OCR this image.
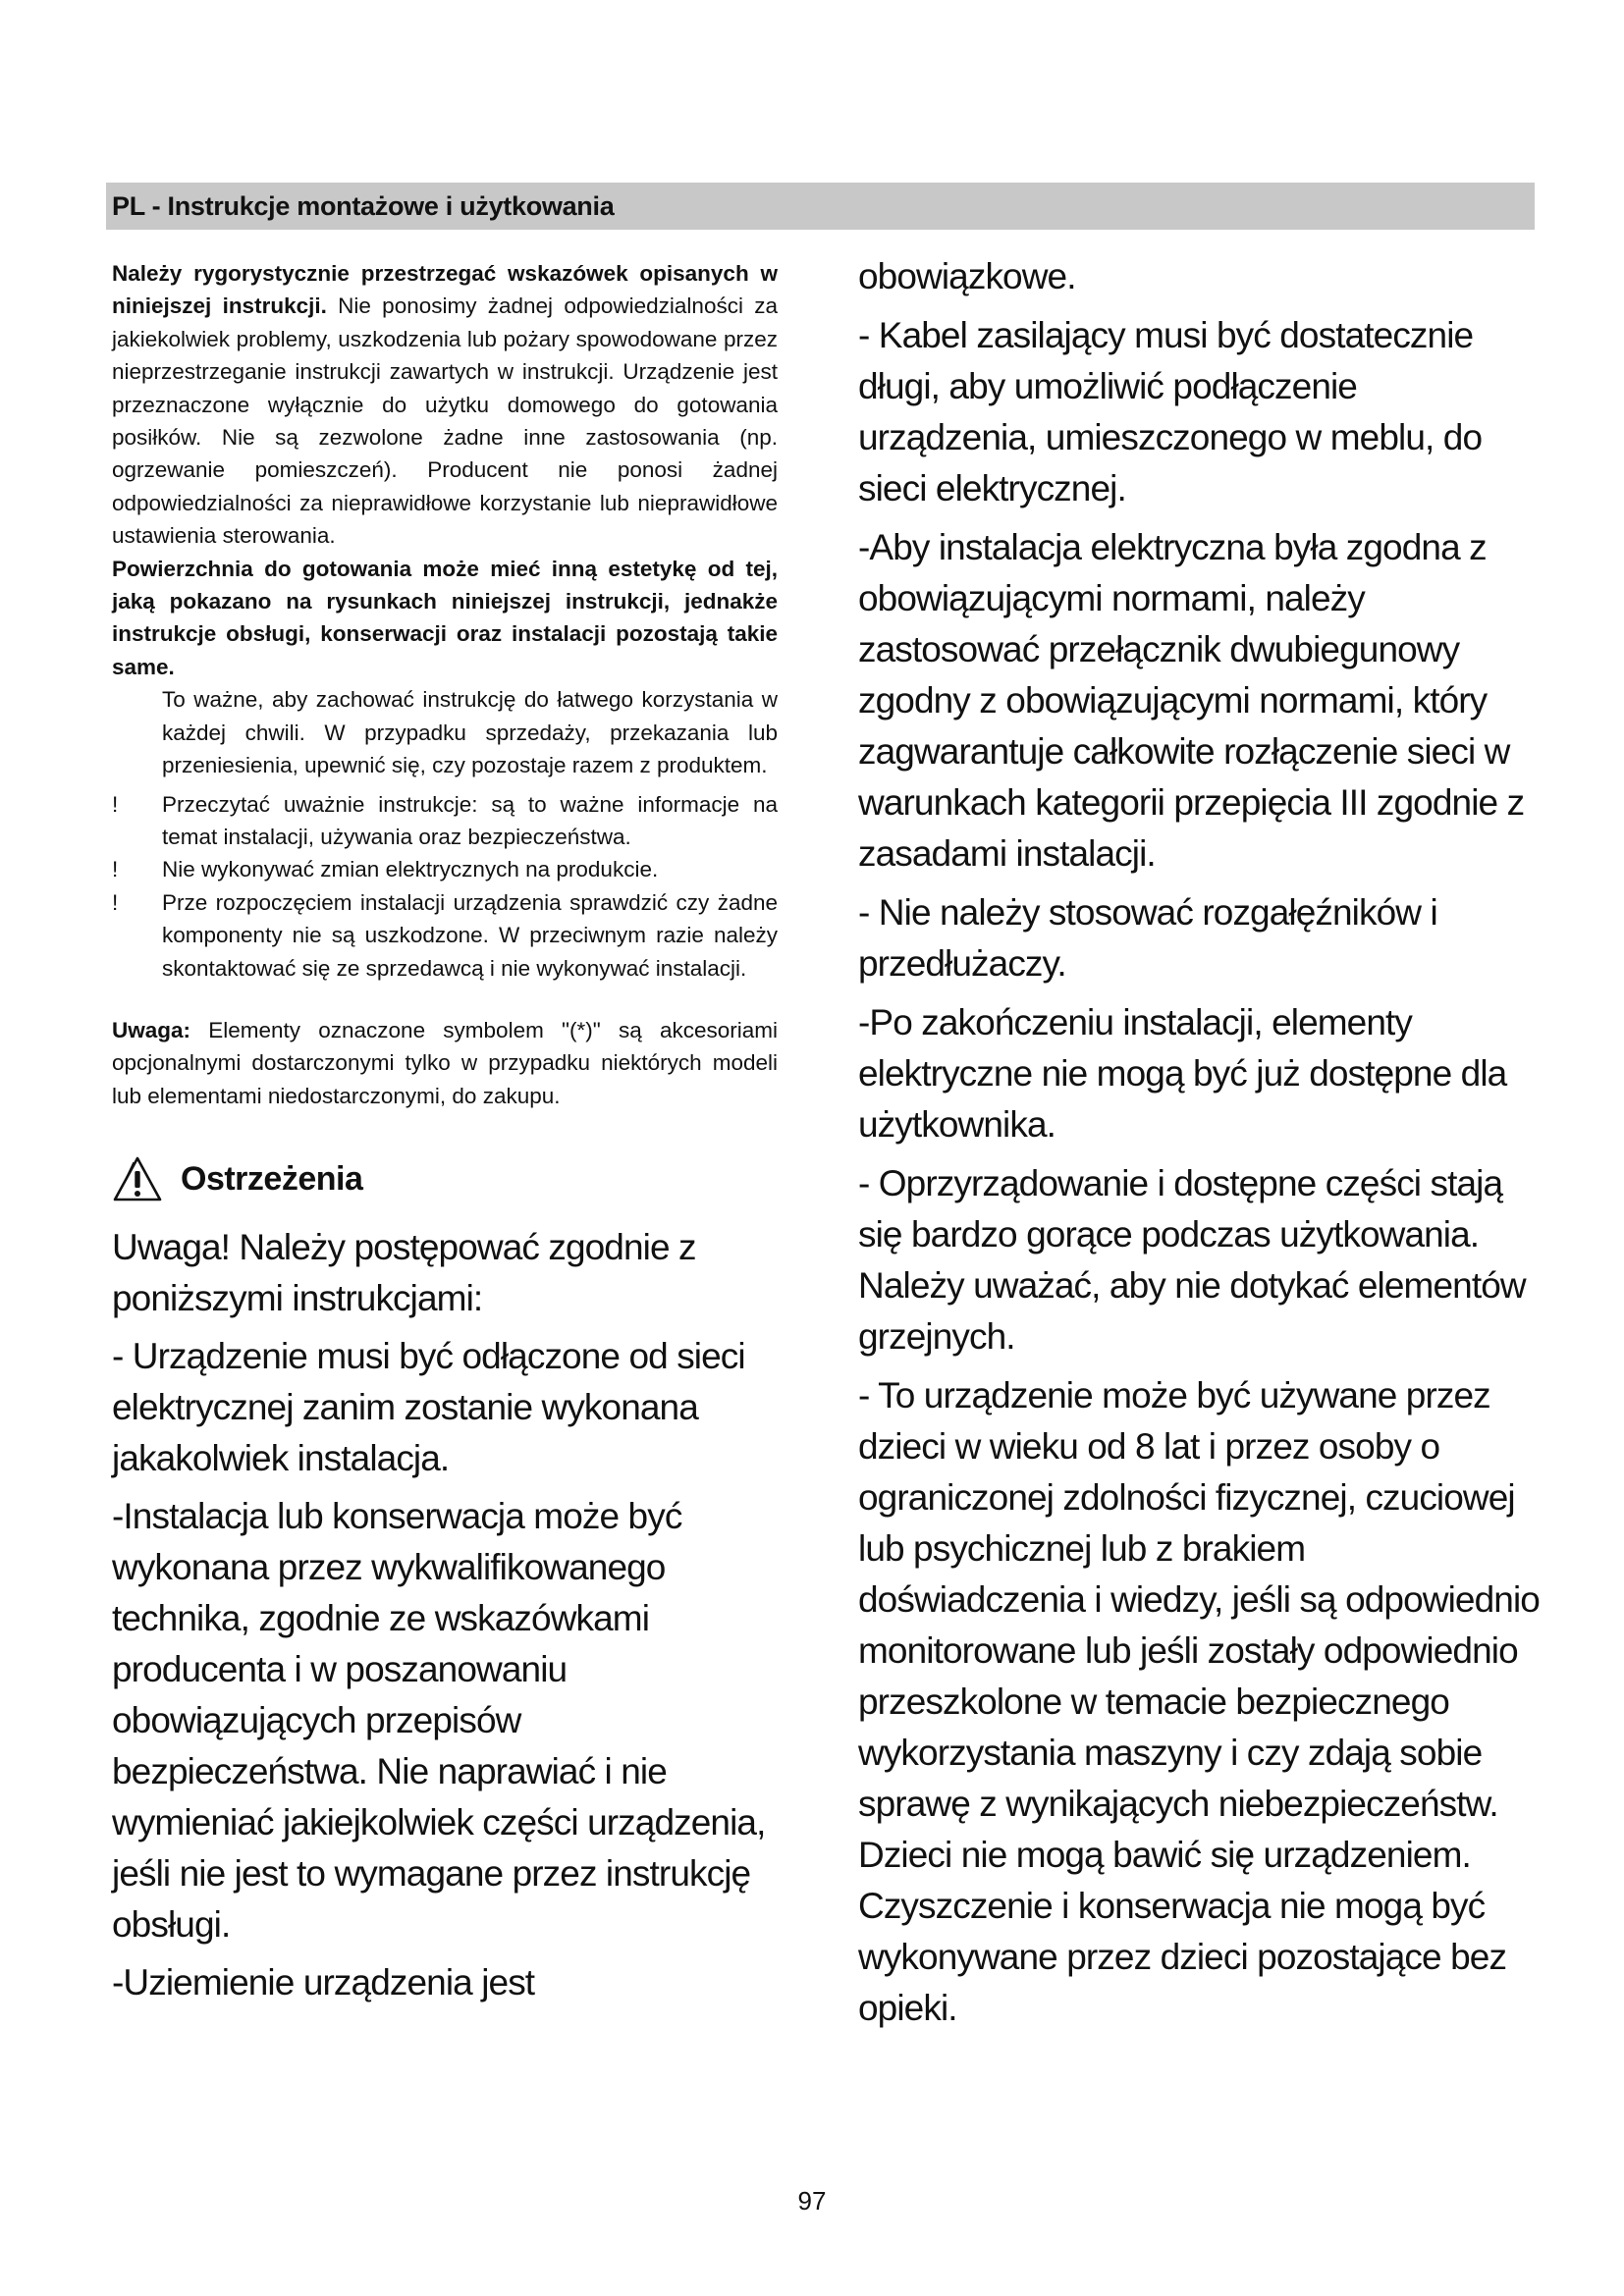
PL - Instrukcje montażowe i użytkowania
Należy rygorystycznie przestrzegać wskazówek opisanych w niniejszej instrukcji. Nie ponosimy żadnej odpowiedzialności za jakiekolwiek problemy, uszkodzenia lub pożary spowodowane przez nieprzestrzeganie instrukcji zawartych w instrukcji. Urządzenie jest przeznaczone wyłącznie do użytku domowego do gotowania posiłków. Nie są zezwolone żadne inne zastosowania (np. ogrzewanie pomieszczeń). Producent nie ponosi żadnej odpowiedzialności za nieprawidłowe korzystanie lub nieprawidłowe ustawienia sterowania.
Powierzchnia do gotowania może mieć inną estetykę od tej, jaką pokazano na rysunkach niniejszej instrukcji, jednakże instrukcje obsługi, konserwacji oraz instalacji pozostają takie same.
To ważne, aby zachować instrukcję do łatwego korzystania w każdej chwili. W przypadku sprzedaży, przekazania lub przeniesienia, upewnić się, czy pozostaje razem z produktem.
! Przeczytać uważnie instrukcje: są to ważne informacje na temat instalacji, używania oraz bezpieczeństwa.
! Nie wykonywać zmian elektrycznych na produkcie.
! Prze rozpoczęciem instalacji urządzenia sprawdzić czy żadne komponenty nie są uszkodzone. W przeciwnym razie należy skontaktować się ze sprzedawcą i nie wykonywać instalacji.
Uwaga: Elementy oznaczone symbolem "(*)" są akcesoriami opcjonalnymi dostarczonymi tylko w przypadku niektórych modeli lub elementami niedostarczonymi, do zakupu.
Ostrzeżenia

Uwaga! Należy postępować zgodnie z poniższymi instrukcjami:

- Urządzenie musi być odłączone od sieci elektrycznej zanim zostanie wykonana jakakolwiek instalacja.

-Instalacja lub konserwacja może być wykonana przez wykwalifikowanego technika, zgodnie ze wskazówkami producenta i w poszanowaniu obowiązujących przepisów bezpieczeństwa. Nie naprawiać i nie wymieniać jakiejkolwiek części urządzenia, jeśli nie jest to wymagane przez instrukcję obsługi.

-Uziemienie urządzenia jest

obowiązkowe.

- Kabel zasilający musi być dostatecznie długi, aby umożliwić podłączenie urządzenia, umieszczonego w meblu, do sieci elektrycznej.

-Aby instalacja elektryczna była zgodna z obowiązującymi normami, należy zastosować przełącznik dwubiegunowy zgodny z obowiązującymi normami, który zagwarantuje całkowite rozłączenie sieci w warunkach kategorii przepięcia III zgodnie z zasadami instalacji.

- Nie należy stosować rozgałęźników i przedłużaczy.

-Po zakończeniu instalacji, elementy elektryczne nie mogą być już dostępne dla użytkownika.

- Oprzyrządowanie i dostępne części stają się bardzo gorące podczas użytkowania. Należy uważać, aby nie dotykać elementów grzejnych.

- To urządzenie może być używane przez dzieci w wieku od 8 lat i przez osoby o ograniczonej zdolności fizycznej, czuciowej lub psychicznej lub z brakiem doświadczenia i wiedzy, jeśli są odpowiednio monitorowane lub jeśli zostały odpowiednio przeszkolone w temacie bezpiecznego wykorzystania maszyny i czy zdają sobie sprawę z wynikających niebezpieczeństw. Dzieci nie mogą bawić się urządzeniem. Czyszczenie i konserwacja nie mogą być wykonywane przez dzieci pozostające bez opieki.

97
